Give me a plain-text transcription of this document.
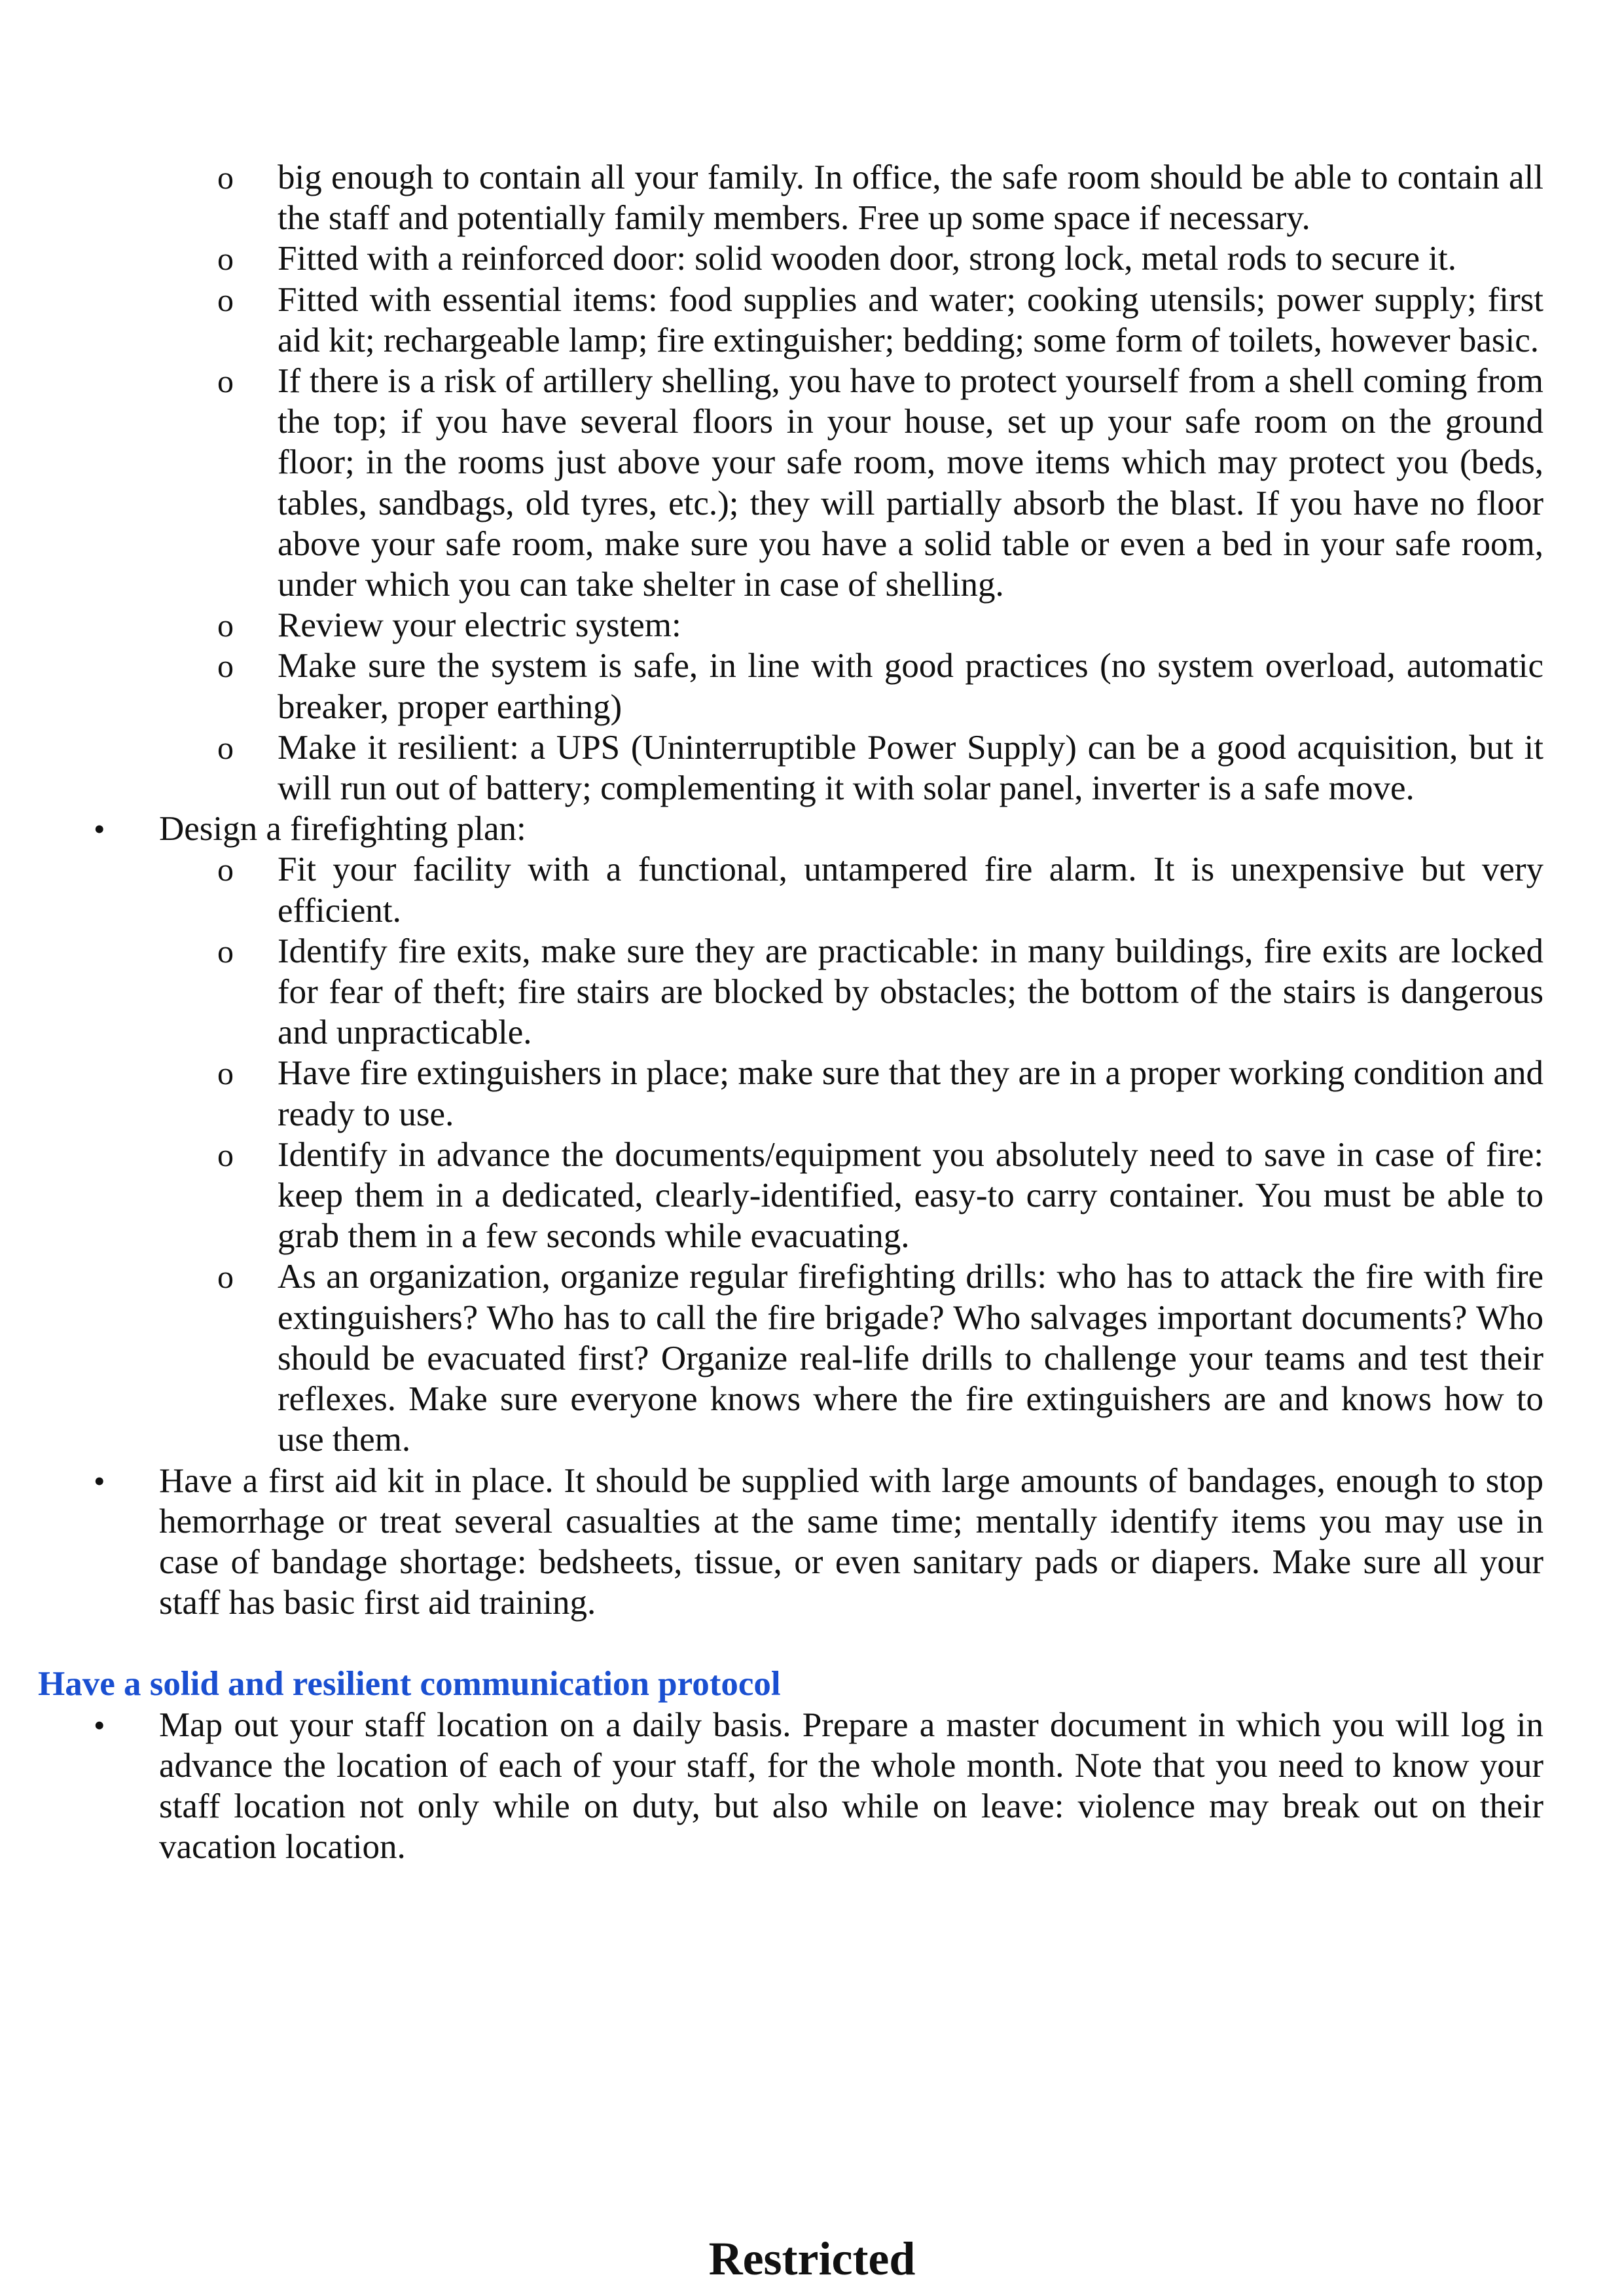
o big enough to contain all your family. In office, the safe room should be able to contain all the staff and potentially family members. Free up some space if necessary.
o Fitted with a reinforced door: solid wooden door, strong lock, metal rods to secure it.
o Fitted with essential items: food supplies and water; cooking utensils; power supply; first aid kit; rechargeable lamp; fire extinguisher; bedding; some form of toilets, however basic.
o If there is a risk of artillery shelling, you have to protect yourself from a shell coming from the top; if you have several floors in your house, set up your safe room on the ground floor; in the rooms just above your safe room, move items which may protect you (beds, tables, sandbags, old tyres, etc.); they will partially absorb the blast. If you have no floor above your safe room, make sure you have a solid table or even a bed in your safe room, under which you can take shelter in case of shelling.
o Review your electric system:
o Make sure the system is safe, in line with good practices (no system overload, automatic breaker, proper earthing)
o Make it resilient: a UPS (Uninterruptible Power Supply) can be a good acquisition, but it will run out of battery; complementing it with solar panel, inverter is a safe move.
• Design a firefighting plan:
o Fit your facility with a functional, untampered fire alarm. It is unexpensive but very efficient.
o Identify fire exits, make sure they are practicable: in many buildings, fire exits are locked for fear of theft; fire stairs are blocked by obstacles; the bottom of the stairs is dangerous and unpracticable.
o Have fire extinguishers in place; make sure that they are in a proper working condition and ready to use.
o Identify in advance the documents/equipment you absolutely need to save in case of fire: keep them in a dedicated, clearly-identified, easy-to carry container. You must be able to grab them in a few seconds while evacuating.
o As an organization, organize regular firefighting drills: who has to attack the fire with fire extinguishers? Who has to call the fire brigade? Who salvages important documents? Who should be evacuated first? Organize real-life drills to challenge your teams and test their reflexes. Make sure everyone knows where the fire extinguishers are and knows how to use them.
• Have a first aid kit in place. It should be supplied with large amounts of bandages, enough to stop hemorrhage or treat several casualties at the same time; mentally identify items you may use in case of bandage shortage: bedsheets, tissue, or even sanitary pads or diapers. Make sure all your staff has basic first aid training.
Have a solid and resilient communication protocol
• Map out your staff location on a daily basis. Prepare a master document in which you will log in advance the location of each of your staff, for the whole month. Note that you need to know your staff location not only while on duty, but also while on leave: violence may break out on their vacation location.
Restricted
